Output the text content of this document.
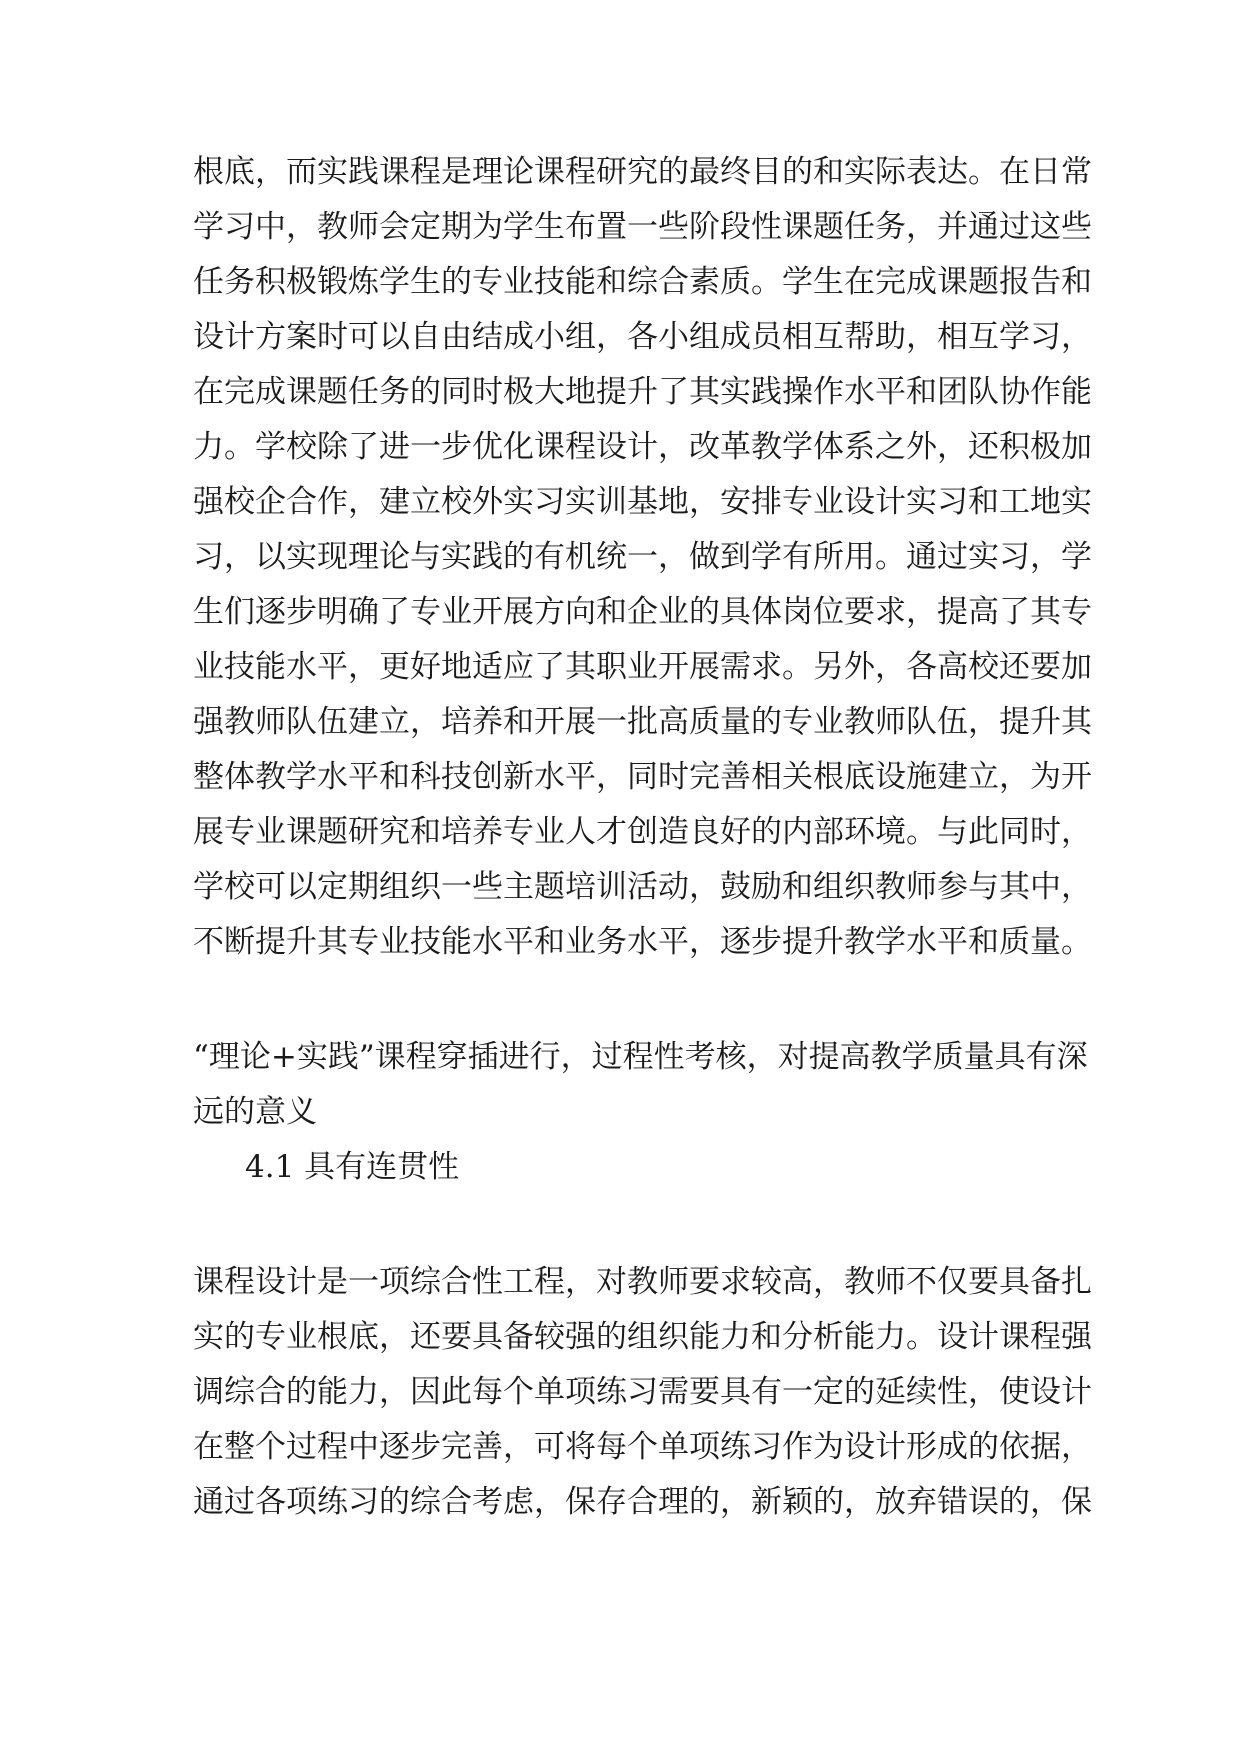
根底，而实践课程是理论课程研究的最终目的和实际表达。在日常
学习中，教师会定期为学生布置一些阶段性课题任务，并通过这些
任务积极锻炼学生的专业技能和综合素质。学生在完成课题报告和
设计方案时可以自由结成小组，各小组成员相互帮助，相互学习，
在完成课题任务的同时极大地提升了其实践操作水平和团队协作能
力。学校除了进一步优化课程设计，改革教学体系之外，还积极加
强校企合作，建立校外实习实训基地，安排专业设计实习和工地实
习，以实现理论与实践的有机统一，做到学有所用。通过实习，学
生们逐步明确了专业开展方向和企业的具体岗位要求，提高了其专
业技能水平，更好地适应了其职业开展需求。另外，各高校还要加
强教师队伍建立，培养和开展一批高质量的专业教师队伍，提升其
整体教学水平和科技创新水平，同时完善相关根底设施建立，为开
展专业课题研究和培养专业人才创造良好的内部环境。与此同时，
学校可以定期组织一些主题培训活动，鼓励和组织教师参与其中，
不断提升其专业技能水平和业务水平，逐步提升教学水平和质量。
“理论+实践”课程穿插进行，过程性考核，对提高教学质量具有深
远的意义
4.1 具有连贯性
课程设计是一项综合性工程，对教师要求较高，教师不仅要具备扎
实的专业根底，还要具备较强的组织能力和分析能力。设计课程强
调综合的能力，因此每个单项练习需要具有一定的延续性，使设计
在整个过程中逐步完善，可将每个单项练习作为设计形成的依据，
通过各项练习的综合考虑，保存合理的，新颖的，放弃错误的，保
